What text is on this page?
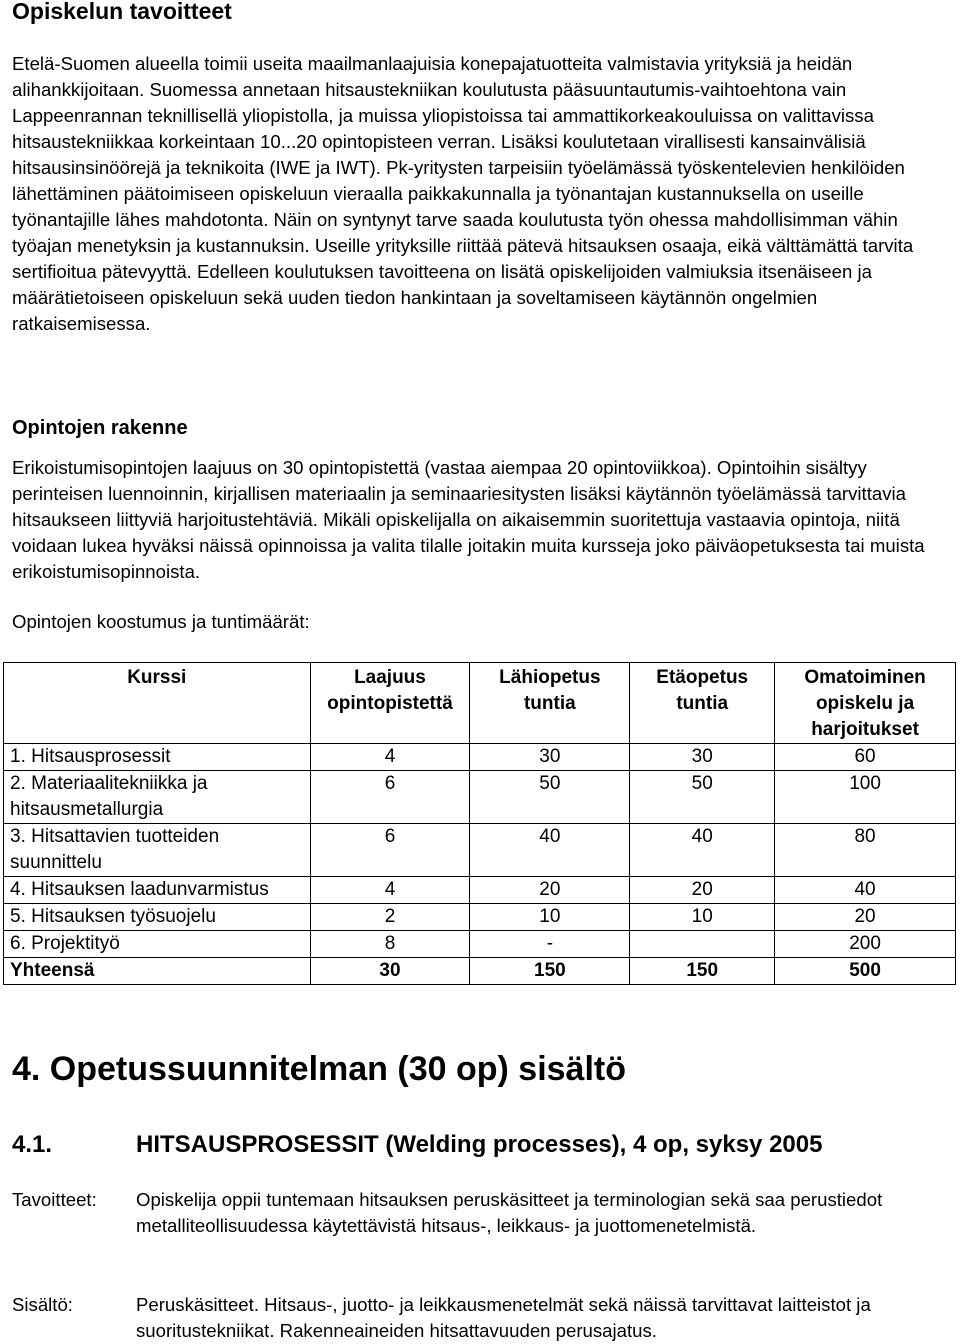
Opiskelun tavoitteet

Etelä-Suomen alueella toimii useita maailmanlaajuisia konepajatuotteita valmistavia yrityksiä ja heidän alihankkijoitaan. Suomessa annetaan hitsaustekniikan koulutusta pääsuuntautumis-vaihtoehtona vain Lappeenrannan teknillisellä yliopistolla, ja muissa yliopistoissa tai ammattikorkeakouluissa on valittavissa hitsaustekniikkaa korkeintaan 10...20 opintopisteen verran. Lisäksi koulutetaan virallisesti kansainvälisiä hitsausinsinöörejä ja teknikoita (IWE ja IWT). Pk-yritysten tarpeisiin työelämässä työskentelevien henkilöiden lähettäminen päätoimiseen opiskeluun vieraalla paikkakunnalla ja työnantajan kustannuksella on useille työnantajille lähes mahdotonta. Näin on syntynyt tarve saada koulutusta työn ohessa mahdollisimman vähin työajan menetyksin ja kustannuksin. Useille yrityksille riittää pätevä hitsauksen osaaja, eikä välttämättä tarvita sertifioitua pätevyyttä. Edelleen koulutuksen tavoitteena on lisätä opiskelijoiden valmiuksia itsenäiseen ja määrätietoiseen opiskeluun sekä uuden tiedon hankintaan ja soveltamiseen käytännön ongelmien ratkaisemisessa.

Opintojen rakenne

Erikoistumisopintojen laajuus on 30 opintopistettä (vastaa aiempaa 20 opintoviikkoa). Opintoihin sisältyy perinteisen luennoinnin, kirjallisen materiaalin ja seminaariesitysten lisäksi käytännön työelämässä tarvittavia hitsaukseen liittyviä harjoitustehtäviä. Mikäli opiskelijalla on aikaisemmin suoritettuja vastaavia opintoja, niitä voidaan lukea hyväksi näissä opinnoissa ja valita tilalle joitakin muita kursseja joko päiväopetuksesta tai muista erikoistumisopinnoista.

Opintojen koostumus ja tuntimäärät:

Kurssi	Laajuus opintopistettä	Lähiopetus tuntia	Etäopetus tuntia	Omatoiminen opiskelu ja harjoitukset
1. Hitsausprosessit	4	30	30	60
2. Materiaalitekniikka ja hitsausmetallurgia	6	50	50	100
3. Hitsattavien tuotteiden suunnittelu	6	40	40	80
4. Hitsauksen laadunvarmistus	4	20	20	40
5. Hitsauksen työsuojelu	2	10	10	20
6. Projektityö	8	-		200
Yhteensä	30	150	150	500
4. Opetussuunnitelman (30 op) sisältö
4.1.	HITSAUSPROSESSIT (Welding processes), 4 op, syksy 2005
Tavoitteet: Opiskelija oppii tuntemaan hitsauksen peruskäsitteet ja terminologian sekä saa perustiedot metalliteollisuudessa käytettävistä hitsaus-, leikkaus- ja juottomenetelmistä.
Sisältö:	Peruskäsitteet. Hitsaus-, juotto- ja leikkausmenetelmät sekä näissä tarvittavat laitteistot ja suoritustekniikat. Rakenneaineiden hitsattavuuden perusajatus.
